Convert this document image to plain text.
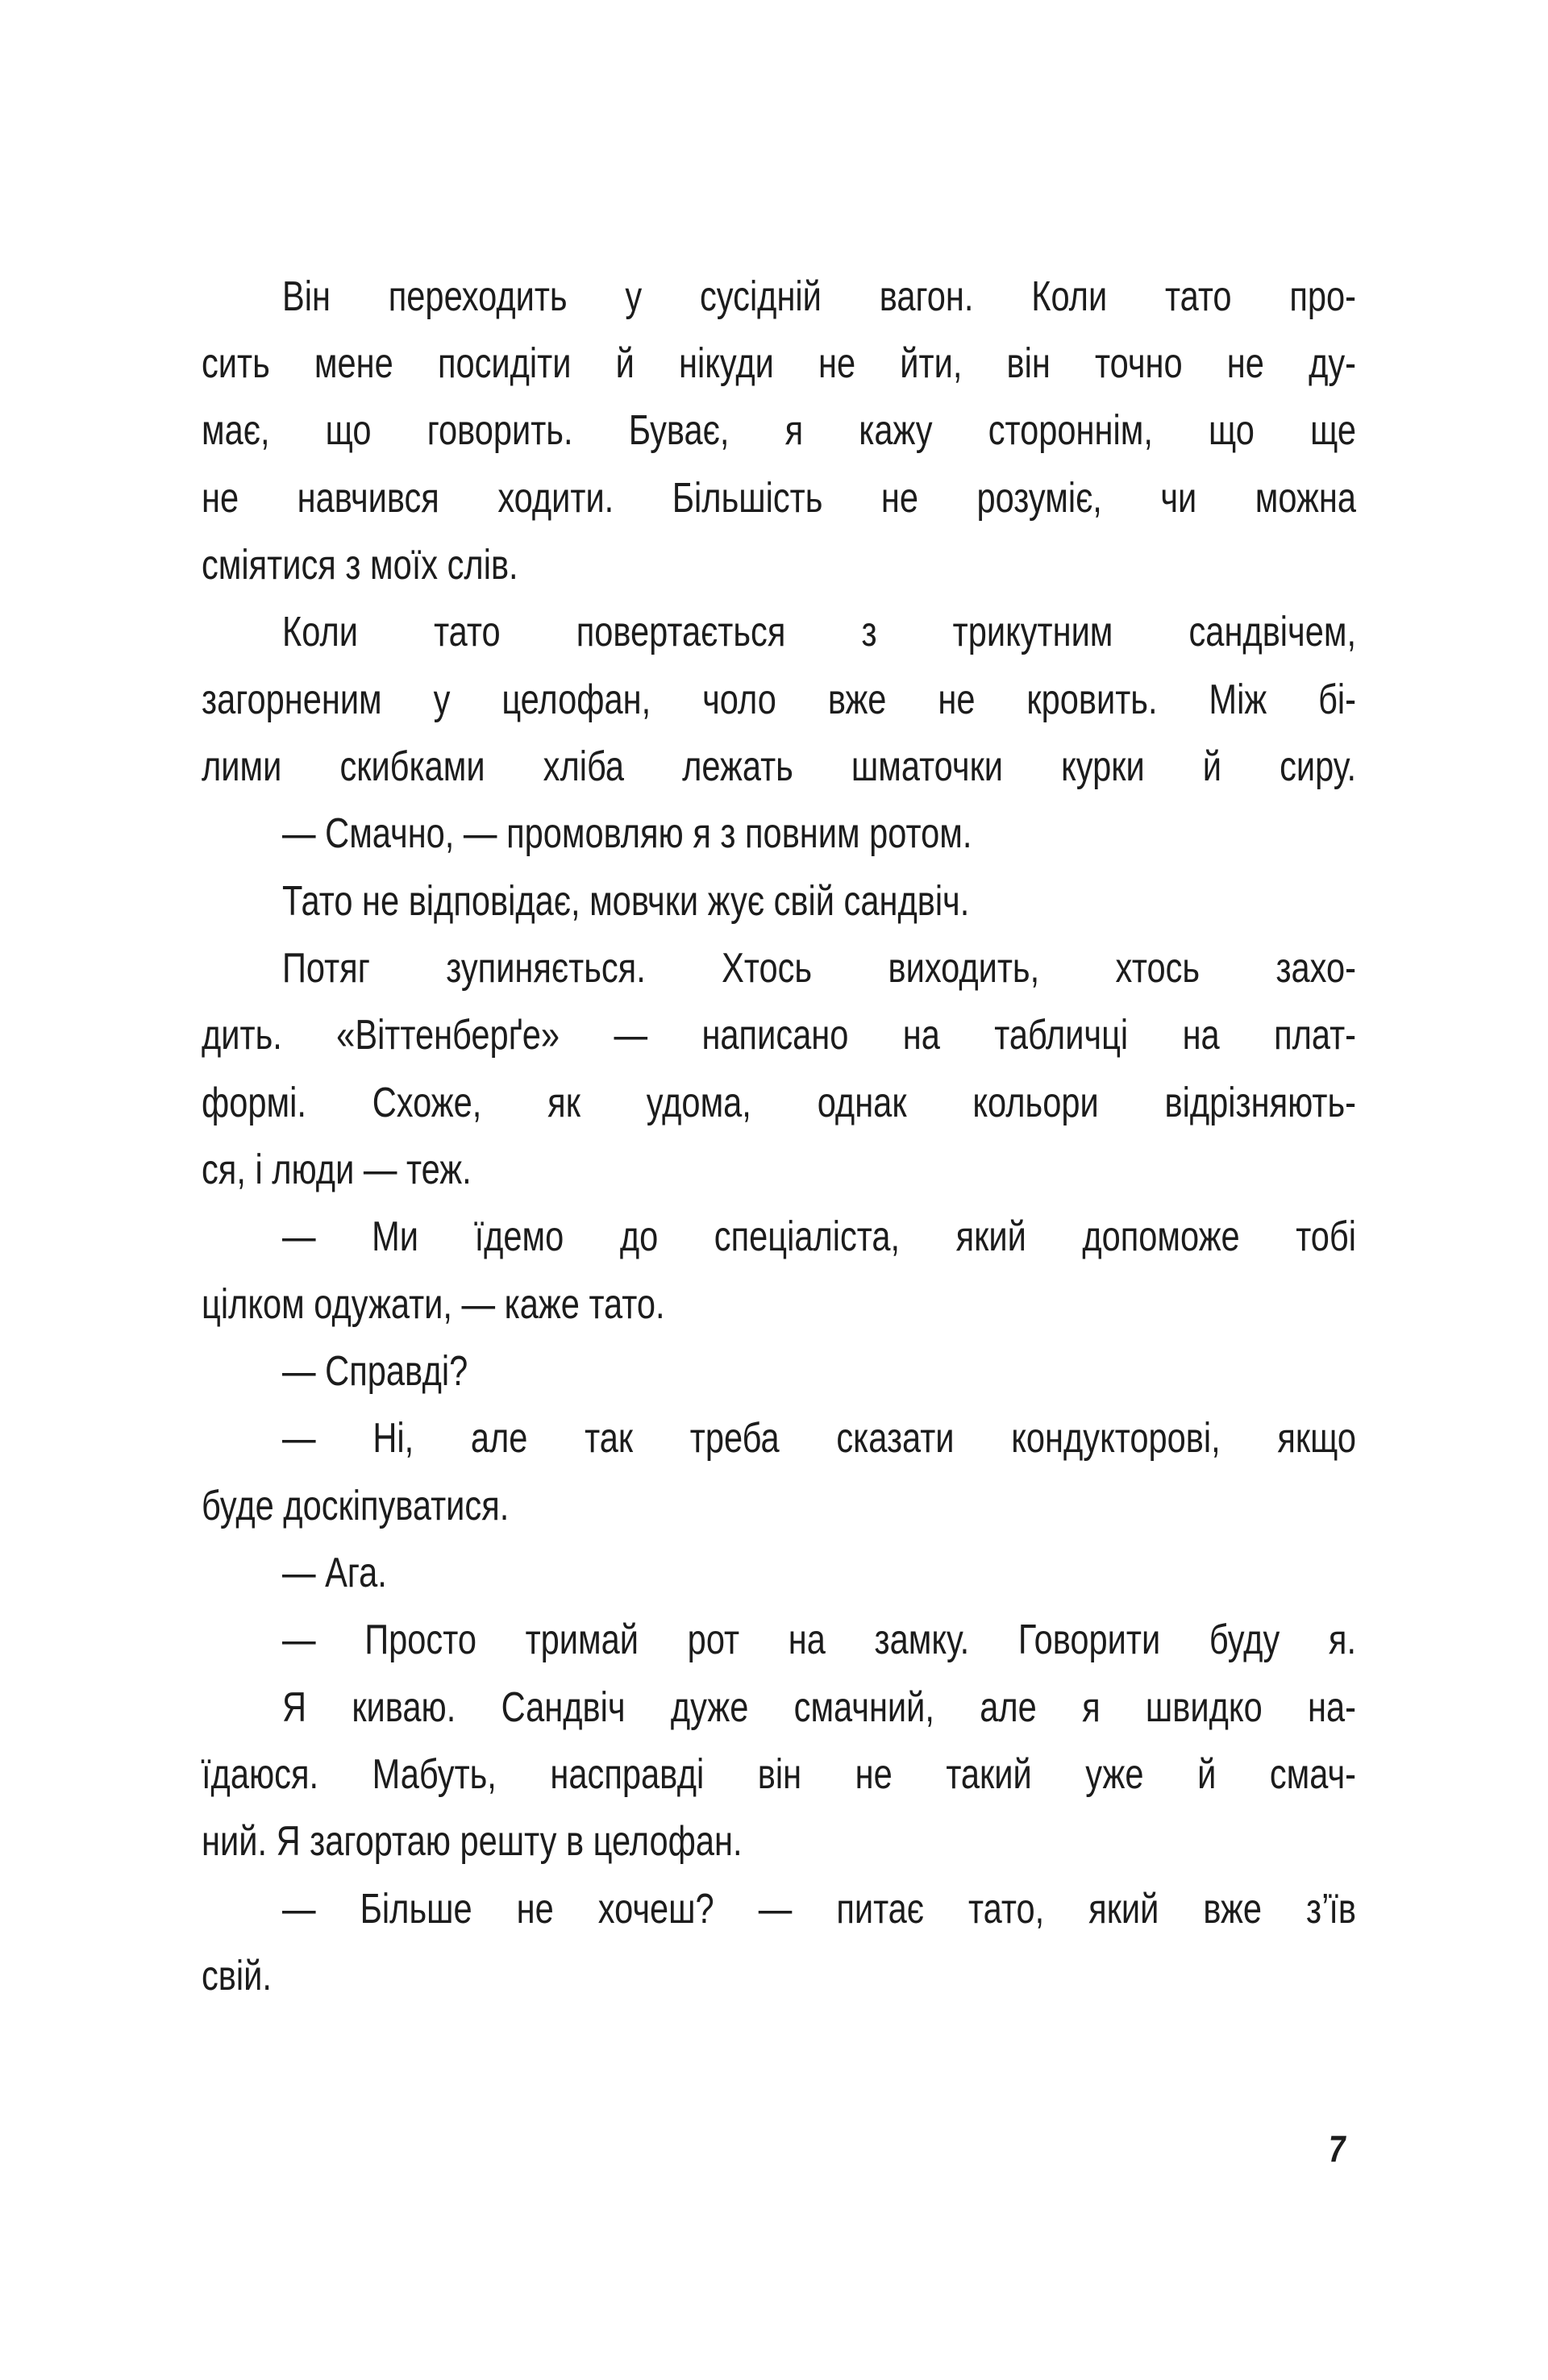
Він переходить у сусідній вагон. Коли тато про-
сить мене посидіти й нікуди не йти, він точно не ду-
має, що говорить. Буває, я кажу стороннім, що ще
не навчився ходити. Більшість не розуміє, чи можна
сміятися з моїх слів.
Коли тато повертається з трикутним сандвічем,
загорненим у целофан, чоло вже не кровить. Між бі-
лими скибками хліба лежать шматочки курки й сиру.
— Смачно, — промовляю я з повним ротом.
Тато не відповідає, мовчки жує свій сандвіч.
Потяг зупиняється. Хтось виходить, хтось захо-
дить. «Віттенберґе» — написано на табличці на плат-
формі. Схоже, як удома, однак кольори відрізняють-
ся, і люди — теж.
— Ми їдемо до спеціаліста, який допоможе тобі
цілком одужати, — каже тато.
— Справді?
— Ні, але так треба сказати кондукторові, якщо
буде доскіпуватися.
— Ага.
— Просто тримай рот на замку. Говорити буду я.
Я киваю. Сандвіч дуже смачний, але я швидко на-
їдаюся. Мабуть, насправді він не такий уже й смач-
ний. Я загортаю решту в целофан.
— Більше не хочеш? — питає тато, який вже з’їв
свій.
7
